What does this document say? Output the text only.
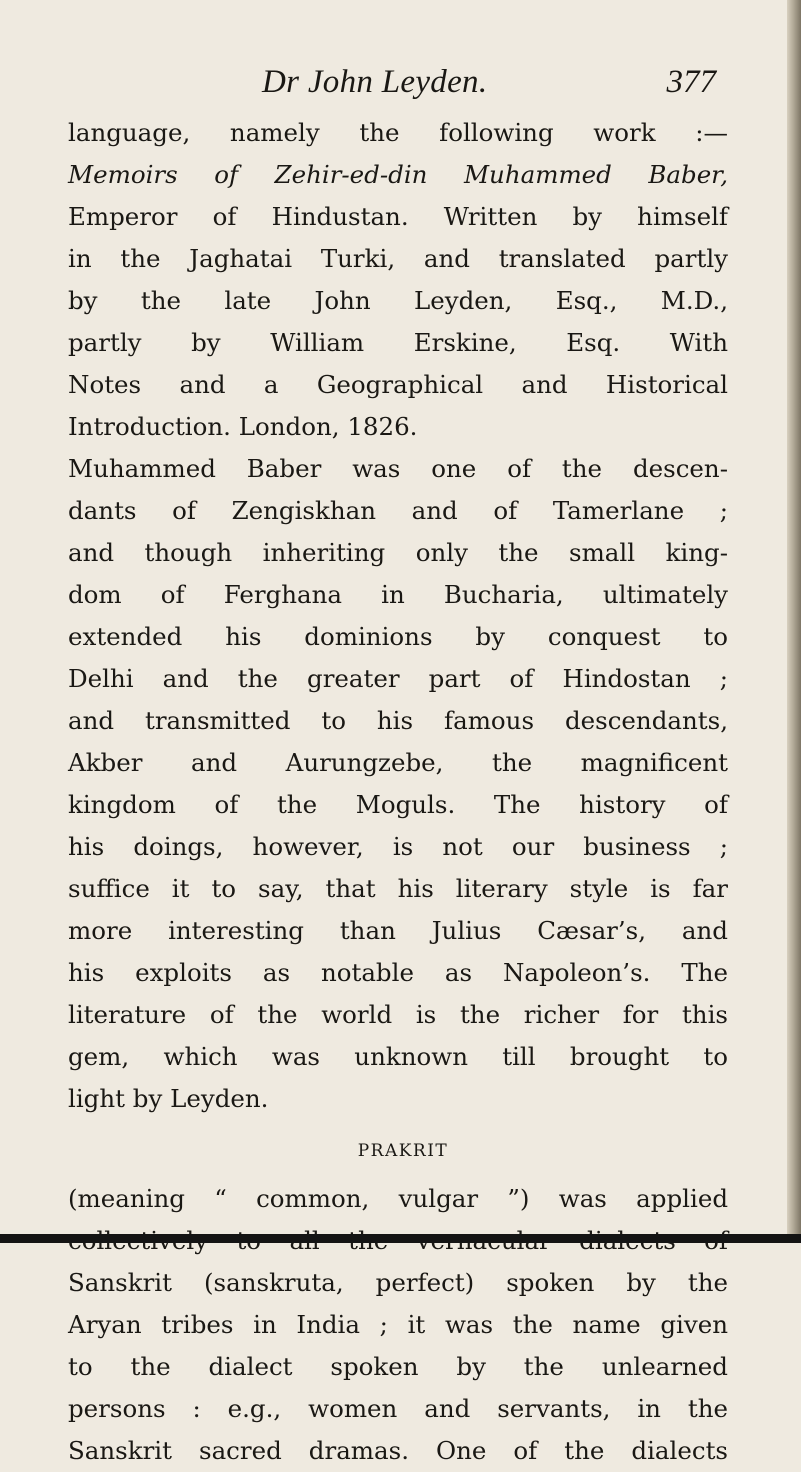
Dr John Leyden.	377
language, namely the following work :—
Memoirs of Zehir-ed-din Muhammed Baber,
Emperor of Hindustan. Written by himself
in the Jaghatai Turki, and translated partly
by the late John Leyden, Esq., M.D.,
partly by William Erskine, Esq. With
Notes and a Geographical and Historical
Introduction. London, 1826.
Muhammed Baber was one of the descen-
dants of Zengiskhan and of Tamerlane ;
and though inheriting only the small king-
dom of Ferghana in Bucharia, ultimately
extended his dominions by conquest to
Delhi and the greater part of Hindostan ;
and transmitted to his famous descendants,
Akber and Aurungzebe, the magnificent
kingdom of the Moguls. The history of
his doings, however, is not our business ;
suffice it to say, that his literary style is far
more interesting than Julius Cæsar’s, and
his exploits as notable as Napoleon’s. The
literature of the world is the richer for this
gem, which was unknown till brought to
light by Leyden.
PRAKRIT
(meaning “ common, vulgar ”) was applied
Sanskrit (sanskruta, perfect) spoken by the
Aryan tribes in India ; it was the name given
to the dialect spoken by the unlearned
persons : e.g., women and servants, in the
Sanskrit sacred dramas. One of the dialects
